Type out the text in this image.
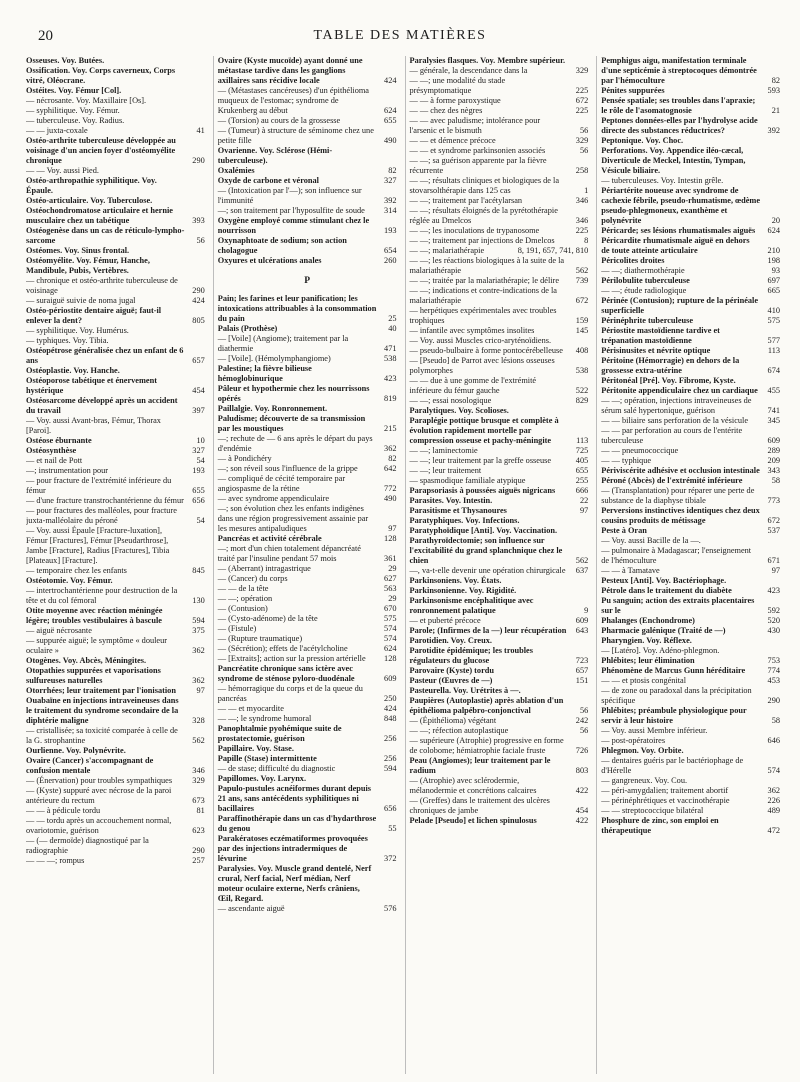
20	TABLE DES MATIÈRES
Osseuses. Voy. Butées.
Ossification. Voy. Corps caverneux, Corps vitré, Oléocrane.
Ostéites. Voy. Fémur [Col].
— nécrosante. Voy. Maxillaire [Os].
— syphilitique. Voy. Fémur.
— tuberculeuse. Voy. Radius.
— — juxta-coxale	41
Ostéo-arthrite tuberculeuse développée au voisinage d'un ancien foyer d'ostéomyélite chronique	290
— — Voy. aussi Pied.
Ostéo-arthropathie syphilitique. Voy. Épaule.
Ostéo-articulaire. Voy. Tuberculose.
Ostéochondromatose articulaire et hernie musculaire chez un tabétique	393
Ostéogenèse dans un cas de réticulo-lympho-sarcome	56
Ostéomes. Voy. Sinus frontal.
Ostéomyélite. Voy. Fémur, Hanche, Mandibule, Pubis, Vertèbres.
— chronique et ostéo-arthrite tuberculeuse de voisinage	290
— suraiguë suivie de noma jugal	424
Ostéo-périostite dentaire aiguë; faut-il enlever la dent?	805
— syphilitique. Voy. Humérus.
— typhiques. Voy. Tibia.
Ostéopétrose généralisée chez un enfant de 6 ans	657
Ostéoplastie. Voy. Hanche.
Ostéoporose tabétique et énervement hystérique	454
Ostéosarcome développé après un accident du travail	397
— Voy. aussi Avant-bras, Fémur, Thorax [Paroi].
Ostéose éburnante	10
Ostéosynthèse	327
— et nail de Pott	54
—; instrumentation pour	193
— pour fracture de l'extrémité inférieure du fémur	655
— d'une fracture transtrochantérienne du fémur	656
— pour fractures des malléoles, pour fracture juxta-malléolaire du péroné	54
— Voy. aussi Épaule [Fracture-luxation], Fémur [Fractures], Fémur [Pseudarthrose], Jambe [Fracture], Radius [Fractures], Tibia [Plateaux] [Fracture].
— temporaire chez les enfants	845
Ostéotomie. Voy. Fémur.
— intertrochantérienne pour destruction de la tête et du col fémoral	130
Otite moyenne avec réaction méningée légère; troubles vestibulaires à bascule	594
— aiguë nécrosante	375
— suppurée aiguë; le symptôme « douleur oculaire »	362
Otogènes. Voy. Abcès, Méningites.
Otopathies suppurées et vaporisations sulfureuses naturelles	362
Otorrhées; leur traitement par l'ionisation	97
Ouabaïne en injections intraveineuses dans le traitement du syndrome secondaire de la diphtérie maligne	328
— cristallisée; sa toxicité comparée à celle de la G. strophantine	562
Ourlienne. Voy. Polynévrite.
Ovaire (Cancer) s'accompagnant de confusion mentale	346
— (Énervation) pour troubles sympathiques	329
— (Kyste) suppuré avec nécrose de la paroi antérieure du rectum	673
— — à pédicule tordu	81
— — tordu après un accouchement normal, ovariotomie, guérison	623
— (— dermoïde) diagnostiqué par la radiographie	290
— — —; rompus	257
Ovaire (Kyste mucoïde) ayant donné une métastase tardive dans les ganglions axillaires sans récidive locale	424
— (Métastases cancéreuses) d'un épithélioma muqueux de l'estomac; syndrome de Krukenberg au début	624
— (Torsion) au cours de la grossesse	655
— (Tumeur) à structure de séminome chez une petite fille	490
Ovarienne. Voy. Sclérose (Hémi-tuberculeuse).
Oxalémies	82
Oxyde de carbone et véronal	327
— (Intoxication par l'—); son influence sur l'immunité	392
—; son traitement par l'hyposulfite de soude	314
Oxygène employé comme stimulant chez le nourrisson	193
Oxynaphtoate de sodium; son action cholagogue	654
Oxyures et ulcérations anales	260
P
Pain; les farines et leur panification; les intoxications attribuables à la consommation du pain	25
Palais (Prothèse)	40
— [Voile] (Angiome); traitement par la diathermie	471
— [Voile]. (Hémolymphangiome)	538
Palestine; la fièvre bilieuse hémoglobinurique	423
Pâleur et hypothermie chez les nourrissons opérés	819
Paillalgie. Voy. Ronronnement.
Paludisme; découverte de sa transmission par les moustiques	215
—; rechute de — 6 ans après le départ du pays d'endémie	362
— à Pondichéry	82
—; son réveil sous l'influence de la grippe	642
— compliqué de cécité temporaire par angiospasme de la rétine	772
— avec syndrome appendiculaire	490
—; son évolution chez les enfants indigènes dans une région progressivement assainie par les mesures antipaludiques	97
Pancréas et activité cérébrale	128
—; mort d'un chien totalement dépancréaté traité par l'insuline pendant 57 mois	361
— (Aberrant) intragastrique	29
— (Cancer) du corps	627
— — de la tête	563
— —; opération	29
— (Contusion)	670
— (Cysto-adénome) de la tête	575
— (Fistule)	574
— (Rupture traumatique)	574
— (Sécrétion); effets de l'acétylcholine	624
— [Extraits]; action sur la pression artérielle	128
Pancréatite chronique sans ictère avec syndrome de sténose pyloro-duodénale	609
— hémorragique du corps et de la queue du pancréas	250
— — et myocardite	424
— —; le syndrome humoral	848
Panophtalmie pyohémique suite de prostatectomie, guérison	256
Papillaire. Voy. Stase.
Papille (Stase) intermittente	256
— de stase; difficulté du diagnostic	594
Papillomes. Voy. Larynx.
Papulo-pustules acnéiformes durant depuis 21 ans, sans antécédents syphilitiques ni bacillaires	656
Paraffinothérapie dans un cas d'hydarthrose du genou	55
Parakératoses eczématiformes provoquées par des injections intradermiques de lévurine	372
Paralysies. Voy. Muscle grand dentelé, Nerf crural, Nerf facial, Nerf médian, Nerf moteur oculaire externe, Nerfs crâniens, Œil, Regard.
— ascendante aiguë	576
Paralysies flasques. Voy. Membre supérieur.
— générale, la descendance dans la	329
— —; une modalité du stade présymptomatique	225
— — à forme paroxystique	672
— — chez des nègres	225
— — avec paludisme; intolérance pour l'arsenic et le bismuth	56
— — et démence précoce	329
— — et syndrome parkinsonien associés	56
— —; sa guérison apparente par la fièvre récurrente	258
— —; résultats cliniques et biologiques de la stovarsolthérapie dans 125 cas	1
— —; traitement par l'acétylarsan	346
— —; résultats éloignés de la pyrétothérapie réglée au Dmelcos	346
— —; les inoculations de trypanosome	225
— —; traitement par injections de Dmelcos	8
— —; malariathérapie	8, 191, 657, 741, 810
— —; les réactions biologiques à la suite de la malariathérapie	562
— —; traitée par la malariathérapie; le délire	739
— —; indications et contre-indications de la malariathérapie	672
— herpétiques expérimentales avec troubles trophiques	159
— infantile avec symptômes insolites	145
— Voy. aussi Muscles crico-aryténoïdiens.
— pseudo-bulbaire à forme pontocérébelleuse	408
— [Pseudo] de Parrot avec lésions osseuses polymorphes	538
— — due à une gomme de l'extrémité inférieure du fémur gauche	522
— —; essai nosologique	829
Paralytiques. Voy. Scolioses.
Paraplégie pottique brusque et complète à évolution rapidement mortelle par compression osseuse et pachy-méningite	113
— —; laminectomie	725
— —; leur traitement par la greffe osseuse	405
— —; leur traitement	655
— spasmodique familiale atypique	255
Parapsoriasis à poussées aiguës nigricans	666
Parasites. Voy. Intestin.	22
Parasitisme et Thysanoures	97
Paratyphiques. Voy. Infections.
Paratyphoïdique [Anti]. Voy. Vaccination.
Parathyroïdectomie; son influence sur l'excitabilité du grand splanchnique chez le chien	562
—, va-t-elle devenir une opération chirurgicale	637
Parkinsoniens. Voy. États.
Parkinsonienne. Voy. Rigidité.
Parkinsonisme encéphalitique avec ronronnement palatique	9
— et puberté précoce	609
Parole; (Infirmes de la —) leur récupération	643
Parotidien. Voy. Creux.
Parotidite épidémique; les troubles régulateurs du glucose	723
Parovaire (Kyste) tordu	657
Pasteur (Œuvres de —)	151
Pasteurella. Voy. Urétrites à —.
Paupières (Autoplastie) après ablation d'un épithélioma palpébro-conjonctival	56
— (Épithélioma) végétant	242
— —; réfection autoplastique	56
— supérieure (Atrophie) progressive en forme de colobome; hémiatrophie faciale fruste	726
Peau (Angiomes); leur traitement par le radium	803
— (Atrophie) avec sclérodermie, mélanodermie et concrétions calcaires	422
— (Greffes) dans le traitement des ulcères chroniques de jambe	454
Pelade [Pseudo] et lichen spinulosus	422
Pemphigus aigu, manifestation terminale d'une septicémie à streptocoques démontrée par l'hémoculture	82
Pénites suppurées	593
Pensée spatiale; ses troubles dans l'apraxie; le rôle de l'asomatognosie	21
Peptones données-elles par l'hydrolyse acide directe des substances réductrices?	392
Peptonique. Voy. Choc.
Perforations. Voy. Appendice iléo-cæcal, Diverticule de Meckel, Intestin, Tympan, Vésicule biliaire.
— tuberculeuses. Voy. Intestin grêle.
Périartérite noueuse avec syndrome de cachexie fébrile, pseudo-rhumatisme, œdème pseudo-phlegmoneux, exanthème et polynévrite	20
Péricarde; ses lésions rhumatismales aiguës	624
Péricardite rhumatismale aiguë en dehors de toute atteinte articulaire	210
Péricolites droites	198
— —; diathermothérapie	93
Périlobulite tuberculeuse	697
— —; étude radiologique	665
Périnée (Contusion); rupture de la périnéale superficielle	410
Périnéphrite tuberculeuse	575
Périostite mastoïdienne tardive et trépanation mastoïdienne	577
Périsinusites et névrite optique	113
Péritoine (Hémorragie) en dehors de la grossesse extra-utérine	674
Péritonéal [Pré]. Voy. Fibrome, Kyste.
Péritonite appendiculaire chez un cardiaque	455
— —; opération, injections intraveineuses de sérum salé hypertonique, guérison	741
— — biliaire sans perforation de la vésicule	345
— — par perforation au cours de l'entérite tuberculeuse	609
— — pneumococcique	289
— — typhique	209
Périviscérite adhésive et occlusion intestinale 343
Péroné (Abcès) de l'extrémité inférieure	58
— (Transplantation) pour réparer une perte de substance de la diaphyse tibiale	773
Perversions instinctives identiques chez deux cousins produits de métissage	672
Peste à Oran	537
— Voy. aussi Bacille de la —.
— pulmonaire à Madagascar; l'enseignement de l'hémoculture	671
— — à Tamatave	97
Pesteux [Anti]. Voy. Bactériophage.
Pétrole dans le traitement du diabète	423
Pu sanguin; action des extraits placentaires sur le	592
Phalanges (Enchondrome)	520
Pharmacie galénique (Traité de —)	430
Pharyngien. Voy. Réflexe.
— [Latéro]. Voy. Adéno-phlegmon.
Phlébites; leur élimination	753
Phénomène de Marcus Gunn héréditaire	774
— — et ptosis congénital	453
— de zone ou paradoxal dans la précipitation spécifique	290
Phlébites; préambule physiologique pour servir à leur histoire	58
— Voy. aussi Membre inférieur.
— post-opératoires	646
Phlegmon. Voy. Orbite.
— dentaires guéris par le bactériophage de d'Hérelle	574
— gangreneux. Voy. Cou.
— péri-amygdalien; traitement abortif	362
— périnéphrétiques et vaccinothérapie	226
— — streptococcique bilatéral	489
Phosphure de zinc, son emploi en thérapeutique	472
